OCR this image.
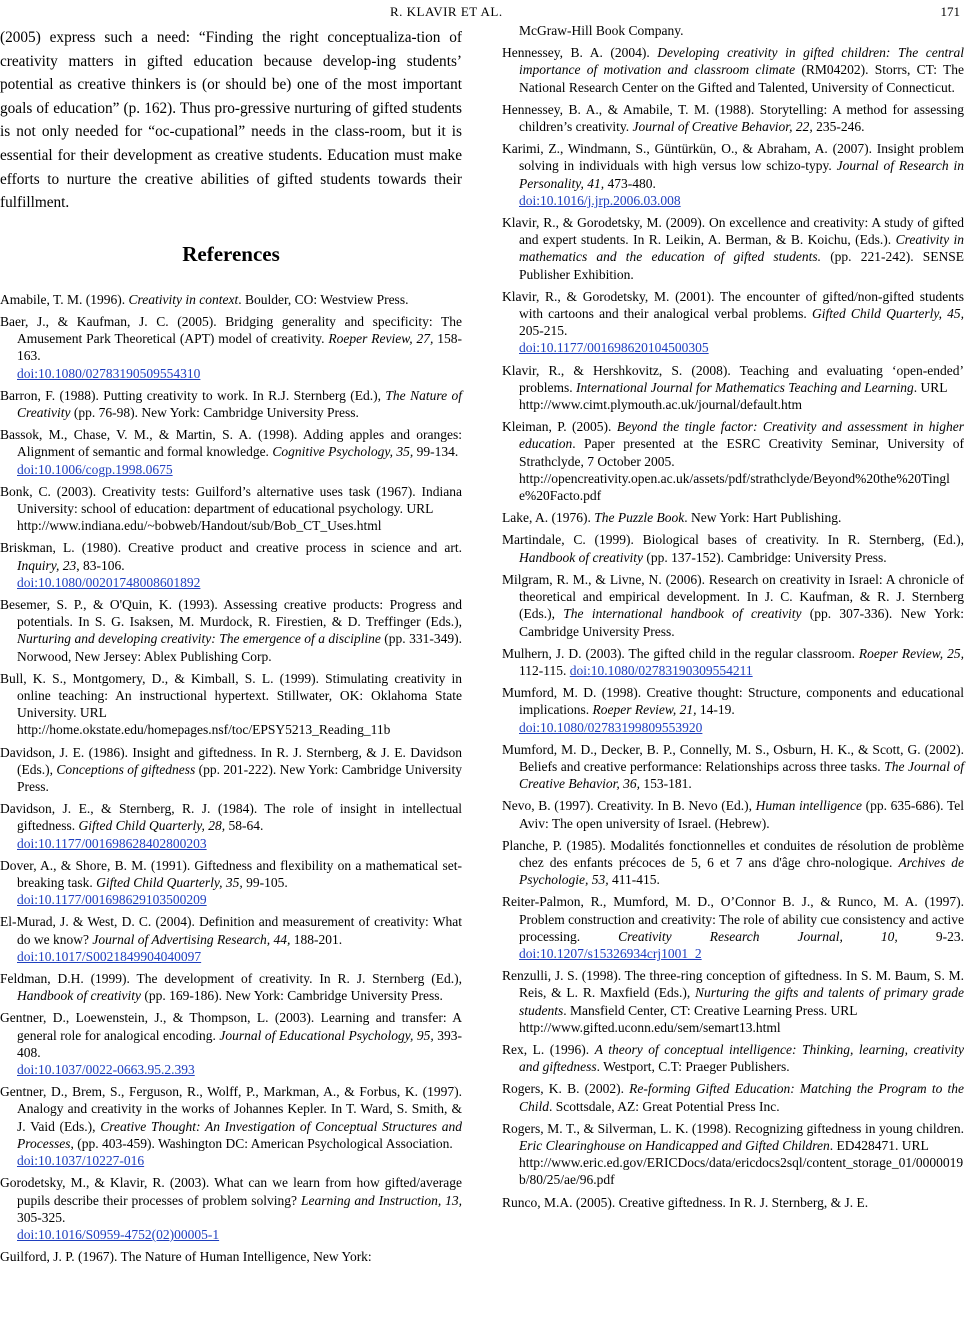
R. KLAVIR ET AL.	171

(2005) express such a need: “Finding the right conceptualiza-tion of creativity matters in gifted education because develop-ing students’ potential as creative thinkers is (or should be) one of the most important goals of education” (p. 162). Thus pro-gressive nurturing of gifted students is not only needed for “oc-cupational” needs in the class-room, but it is essential for their development as creative students. Education must make efforts to nurture the creative abilities of gifted students towards their fulfillment.

References

Amabile, T. M. (1996). Creativity in context. Boulder, CO: Westview Press.

Baer, J., & Kaufman, J. C. (2005). Bridging generality and specificity: The Amusement Park Theoretical (APT) model of creativity. Roeper Review, 27, 158-163.
doi:10.1080/02783190509554310

Barron, F. (1988). Putting creativity to work. In R.J. Sternberg (Ed.), The Nature of Creativity (pp. 76-98). New York: Cambridge University Press.

Bassok, M., Chase, V. M., & Martin, S. A. (1998). Adding apples and oranges: Alignment of semantic and formal knowledge. Cognitive Psychology, 35, 99-134.
doi:10.1006/cogp.1998.0675

Bonk, C. (2003). Creativity tests: Guilford’s alternative uses task (1967). Indiana University: school of education: department of educational psychology. URL
http://www.indiana.edu/~bobweb/Handout/sub/Bob_CT_Uses.html

Briskman, L. (1980). Creative product and creative process in science and art. Inquiry, 23, 83-106.
doi:10.1080/00201748008601892

Besemer, S. P., & O'Quin, K. (1993). Assessing creative products: Progress and potentials. In S. G. Isaksen, M. Murdock, R. Firestien, & D. Treffinger (Eds.), Nurturing and developing creativity: The emergence of a discipline (pp. 331-349). Norwood, New Jersey: Ablex Publishing Corp.

Bull, K. S., Montgomery, D., & Kimball, S. L. (1999). Stimulating creativity in online teaching: An instructional hypertext. Stillwater, OK: Oklahoma State University. URL
http://home.okstate.edu/homepages.nsf/toc/EPSY5213_Reading_11b

Davidson, J. E. (1986). Insight and giftedness. In R. J. Sternberg, & J. E. Davidson (Eds.), Conceptions of giftedness (pp. 201-222). New York: Cambridge University Press.

Davidson, J. E., & Sternberg, R. J. (1984). The role of insight in intellectual giftedness. Gifted Child Quarterly, 28, 58-64.
doi:10.1177/001698628402800203

Dover, A., & Shore, B. M. (1991). Giftedness and flexibility on a mathematical set-breaking task. Gifted Child Quarterly, 35, 99-105.
doi:10.1177/001698629103500209

El-Murad, J. & West, D. C. (2004). Definition and measurement of creativity: What do we know? Journal of Advertising Research, 44, 188-201.
doi:10.1017/S0021849904040097

Feldman, D.H. (1999). The development of creativity. In R. J. Sternberg (Ed.), Handbook of creativity (pp. 169-186). New York: Cambridge University Press.

Gentner, D., Loewenstein, J., & Thompson, L. (2003). Learning and transfer: A general role for analogical encoding. Journal of Educational Psychology, 95, 393-408.
doi:10.1037/0022-0663.95.2.393

Gentner, D., Brem, S., Ferguson, R., Wolff, P., Markman, A., & Forbus, K. (1997). Analogy and creativity in the works of Johannes Kepler. In T. Ward, S. Smith, & J. Vaid (Eds.), Creative Thought: An Investigation of Conceptual Structures and Processes, (pp. 403-459). Washington DC: American Psychological Association.
doi:10.1037/10227-016

Gorodetsky, M., & Klavir, R. (2003). What can we learn from how gifted/average pupils describe their processes of problem solving? Learning and Instruction, 13, 305-325.
doi:10.1016/S0959-4752(02)00005-1

Guilford, J. P. (1967). The Nature of Human Intelligence, New York:

McGraw-Hill Book Company.

Hennessey, B. A. (2004). Developing creativity in gifted children: The central importance of motivation and classroom climate (RM04202). Storrs, CT: The National Research Center on the Gifted and Talented, University of Connecticut.

Hennessey, B. A., & Amabile, T. M. (1988). Storytelling: A method for assessing children’s creativity. Journal of Creative Behavior, 22, 235-246.

Karimi, Z., Windmann, S., Güntürkün, O., & Abraham, A. (2007). Insight problem solving in individuals with high versus low schizo-typy. Journal of Research in Personality, 41, 473-480.
doi:10.1016/j.jrp.2006.03.008

Klavir, R., & Gorodetsky, M. (2009). On excellence and creativity: A study of gifted and expert students. In R. Leikin, A. Berman, & B. Koichu, (Eds.). Creativity in mathematics and the education of gifted students. (pp. 221-242). SENSE Publisher Exhibition.

Klavir, R., & Gorodetsky, M. (2001). The encounter of gifted/non-gifted students with cartoons and their analogical verbal problems. Gifted Child Quarterly, 45, 205-215.
doi:10.1177/001698620104500305

Klavir, R., & Hershkovitz, S. (2008). Teaching and evaluating ‘open-ended’ problems. International Journal for Mathematics Teaching and Learning. URL
http://www.cimt.plymouth.ac.uk/journal/default.htm

Kleiman, P. (2005). Beyond the tingle factor: Creativity and assessment in higher education. Paper presented at the ESRC Creativity Seminar, University of Strathclyde, 7 October 2005.
http://opencreativity.open.ac.uk/assets/pdf/strathclyde/Beyond%20the%20Tingle%20Facto.pdf

Lake, A. (1976). The Puzzle Book. New York: Hart Publishing.

Martindale, C. (1999). Biological bases of creativity. In R. Sternberg, (Ed.), Handbook of creativity (pp. 137-152). Cambridge: University Press.

Milgram, R. M., & Livne, N. (2006). Research on creativity in Israel: A chronicle of theoretical and empirical development. In J. C. Kaufman, & R. J. Sternberg (Eds.), The international handbook of creativity (pp. 307-336). New York: Cambridge University Press.

Mulhern, J. D. (2003). The gifted child in the regular classroom. Roeper Review, 25, 112-115. doi:10.1080/02783190309554211

Mumford, M. D. (1998). Creative thought: Structure, components and educational implications. Roeper Review, 21, 14-19.
doi:10.1080/02783199809553920

Mumford, M. D., Decker, B. P., Connelly, M. S., Osburn, H. K., & Scott, G. (2002). Beliefs and creative performance: Relationships across three tasks. The Journal of Creative Behavior, 36, 153-181.

Nevo, B. (1997). Creativity. In B. Nevo (Ed.), Human intelligence (pp. 635-686). Tel Aviv: The open university of Israel. (Hebrew).

Planche, P. (1985). Modalités fonctionnelles et conduites de résolution de problème chez des enfants précoces de 5, 6 et 7 ans d'âge chro-nologique. Archives de Psychologie, 53, 411-415.

Reiter-Palmon, R., Mumford, M. D., O’Connor B. J., & Runco, M. A. (1997). Problem construction and creativity: The role of ability cue consistency and active processing. Creativity Research Journal, 10, 9-23. doi:10.1207/s15326934crj1001_2

Renzulli, J. S. (1998). The three-ring conception of giftedness. In S. M. Baum, S. M. Reis, & L. R. Maxfield (Eds.), Nurturing the gifts and talents of primary grade students. Mansfield Center, CT: Creative Learning Press. URL
http://www.gifted.uconn.edu/sem/semart13.html

Rex, L. (1996). A theory of conceptual intelligence: Thinking, learning, creativity and giftedness. Westport, C.T: Praeger Publishers.

Rogers, K. B. (2002). Re-forming Gifted Education: Matching the Program to the Child. Scottsdale, AZ: Great Potential Press Inc.

Rogers, M. T., & Silverman, L. K. (1998). Recognizing giftedness in young children. Eric Clearinghouse on Handicapped and Gifted Children. ED428471. URL
http://www.eric.ed.gov/ERICDocs/data/ericdocs2sql/content_storage_01/0000019b/80/25/ae/96.pdf

Runco, M.A. (2005). Creative giftedness. In R. J. Sternberg, & J. E.
